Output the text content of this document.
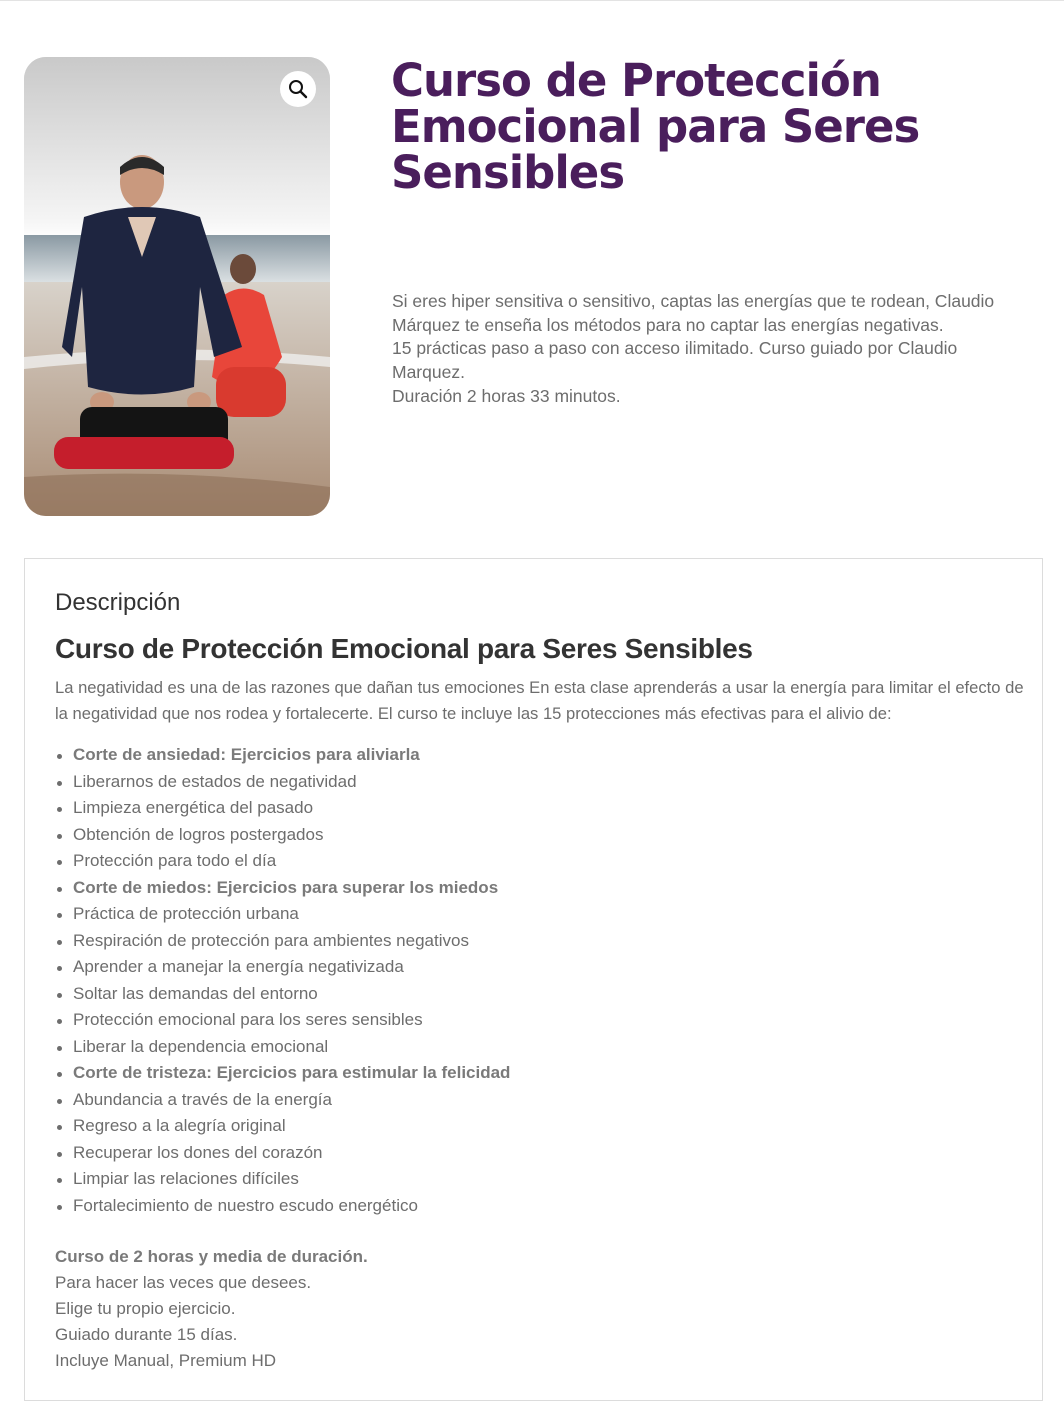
Curso de Protección Emocional para Seres Sensibles
Si eres hiper sensitiva o sensitivo, captas las energías que te rodean, Claudio Márquez te enseña los métodos para no captar las energías negativas.
15 prácticas paso a paso con acceso ilimitado. Curso guiado por Claudio Marquez.
Duración 2 horas 33 minutos.
Descripción
Curso de Protección Emocional para Seres Sensibles

La negatividad es una de las razones que dañan tus emociones En esta clase aprenderás a usar la energía para limitar el efecto de la negatividad que nos rodea y fortalecerte. El curso te incluye las 15 protecciones más efectivas para el alivio de:

Corte de ansiedad: Ejercicios para aliviarla
Liberarnos de estados de negatividad
Limpieza energética del pasado
Obtención de logros postergados
Protección para todo el día
Corte de miedos: Ejercicios para superar los miedos
Práctica de protección urbana
Respiración de protección para ambientes negativos
Aprender a manejar la energía negativizada
Soltar las demandas del entorno
Protección emocional para los seres sensibles
Liberar la dependencia emocional
Corte de tristeza: Ejercicios para estimular la felicidad
Abundancia a través de la energía
Regreso a la alegría original
Recuperar los dones del corazón
Limpiar las relaciones difíciles
Fortalecimiento de nuestro escudo energético
Curso de 2 horas y media de duración.
Para hacer las veces que desees.
Elige tu propio ejercicio.
Guiado durante 15 días.
Incluye Manual, Premium HD
